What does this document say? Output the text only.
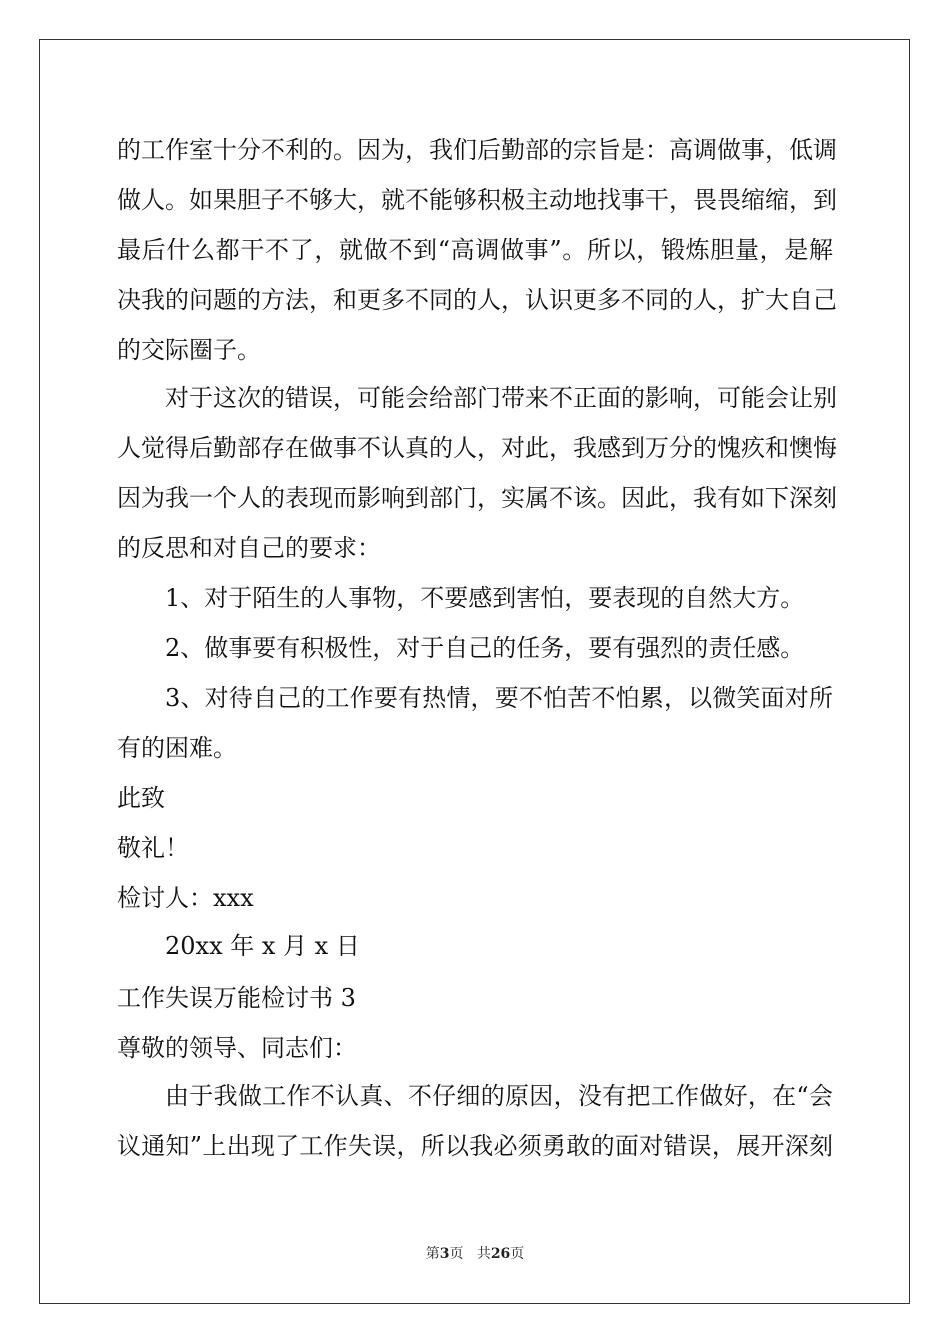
的工作室十分不利的。因为，我们后勤部的宗旨是：高调做事，低调
做人。如果胆子不够大，就不能够积极主动地找事干，畏畏缩缩，到
最后什么都干不了，就做不到“高调做事”。所以，锻炼胆量，是解
决我的问题的方法，和更多不同的人，认识更多不同的人，扩大自己
的交际圈子。
对于这次的错误，可能会给部门带来不正面的影响，可能会让别
人觉得后勤部存在做事不认真的人，对此，我感到万分的愧疚和懊悔
因为我一个人的表现而影响到部门，实属不该。因此，我有如下深刻
的反思和对自己的要求：
1、对于陌生的人事物，不要感到害怕，要表现的自然大方。
2、做事要有积极性，对于自己的任务，要有强烈的责任感。
3、对待自己的工作要有热情，要不怕苦不怕累，以微笑面对所
有的困难。
此致
敬礼！
检讨人：xxx
20xx 年 x 月 x 日
工作失误万能检讨书 3
尊敬的领导、同志们：
由于我做工作不认真、不仔细的原因，没有把工作做好，在“会
议通知”上出现了工作失误，所以我必须勇敢的面对错误，展开深刻
第3页 共26页
